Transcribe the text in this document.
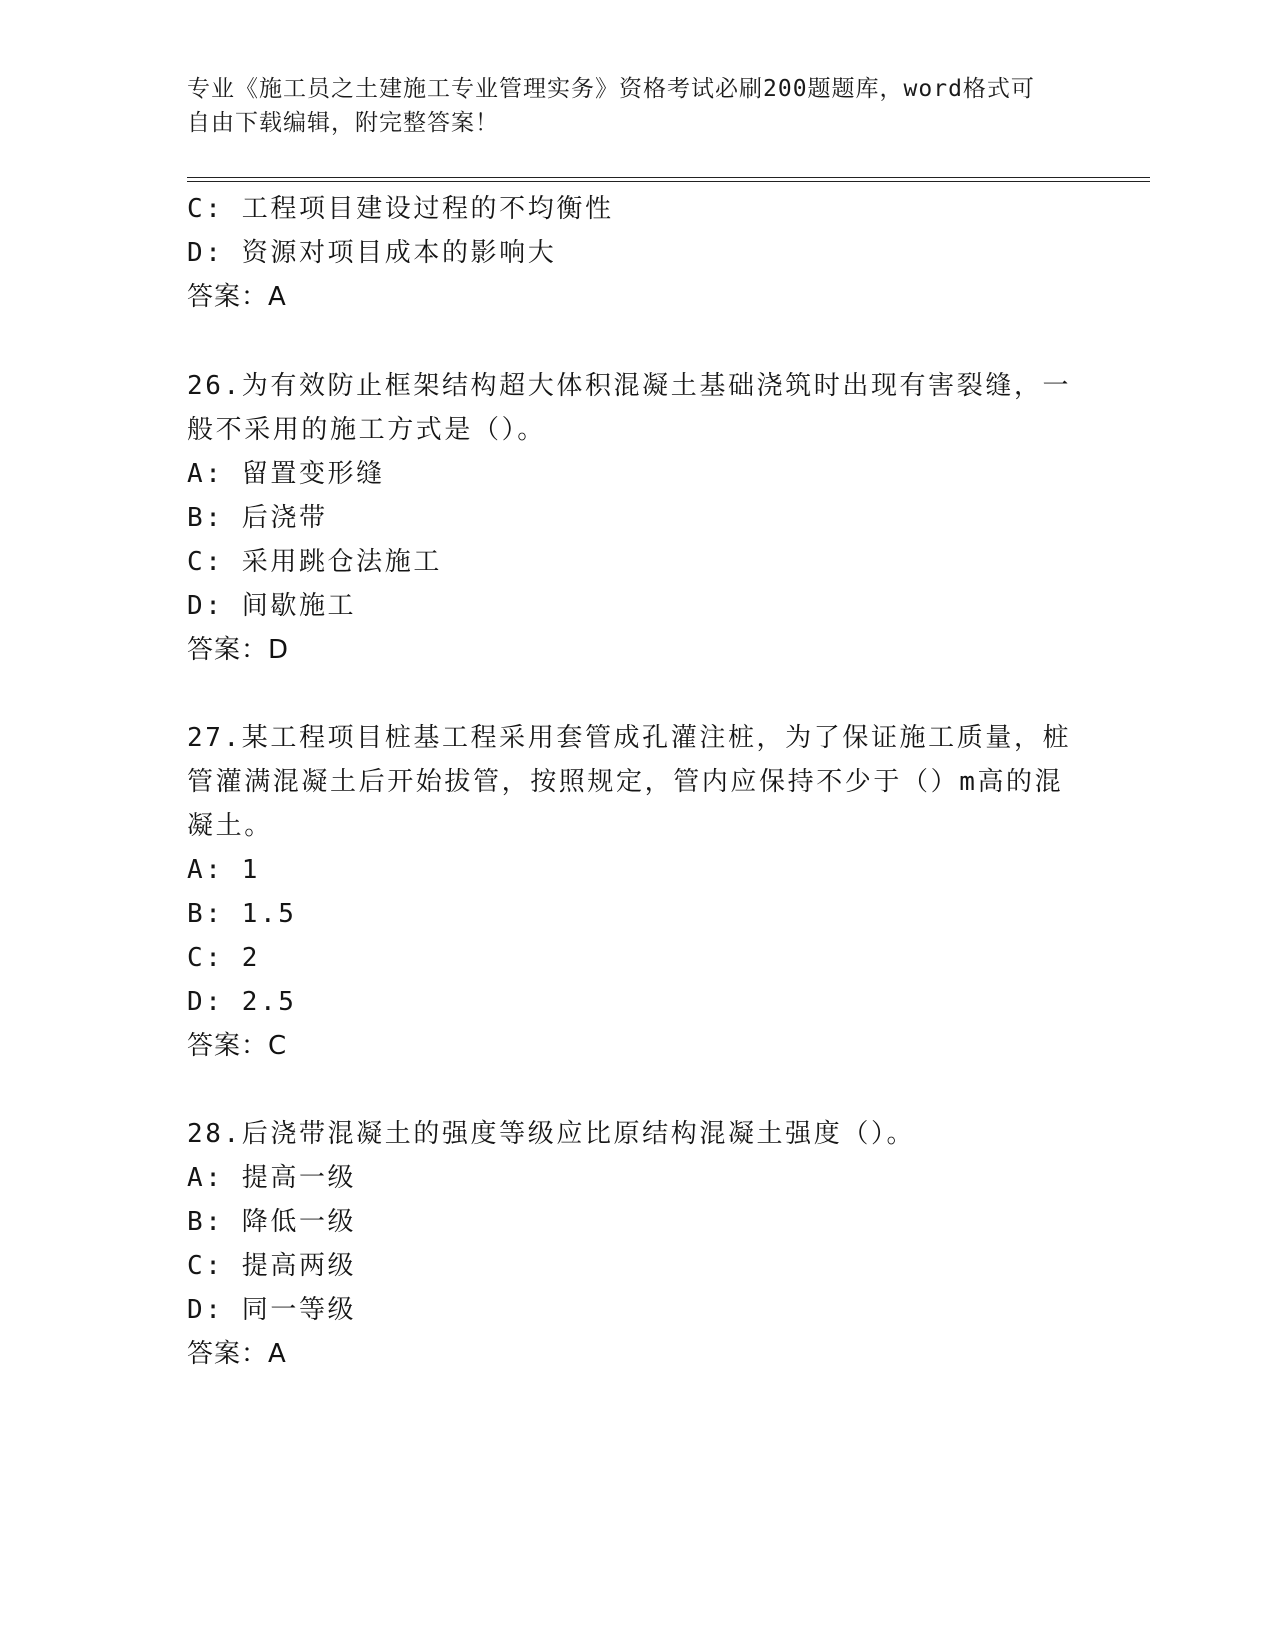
专业《施工员之土建施工专业管理实务》资格考试必刷200题题库，word格式可
自由下载编辑，附完整答案！
C: 工程项目建设过程的不均衡性
D: 资源对项目成本的影响大
答案：A
26.为有效防止框架结构超大体积混凝土基础浇筑时出现有害裂缝，一
般不采用的施工方式是（）。
A: 留置变形缝
B: 后浇带
C: 采用跳仓法施工
D: 间歇施工
答案：D
27.某工程项目桩基工程采用套管成孔灌注桩，为了保证施工质量，桩
管灌满混凝土后开始拔管，按照规定，管内应保持不少于（）m高的混
凝土。
A: 1
B: 1.5
C: 2
D: 2.5
答案：C
28.后浇带混凝土的强度等级应比原结构混凝土强度（）。
A: 提高一级
B: 降低一级
C: 提高两级
D: 同一等级
答案：A
